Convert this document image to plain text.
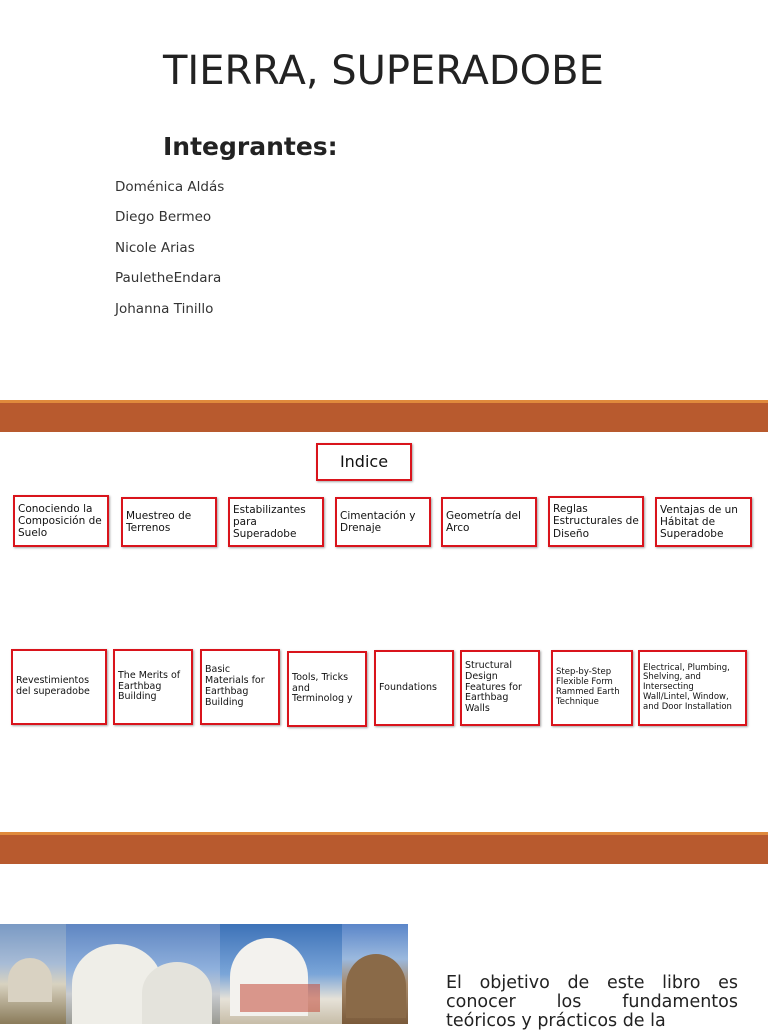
TIERRA, SUPERADOBE
Integrantes:
Doménica Aldás
Diego Bermeo
Nicole Arias
PauletheEndara
Johanna Tinillo
Indice
Conociendo la Composición de Suelo
Muestreo de Terrenos
Estabilizantes para Superadobe
Cimentación y Drenaje
Geometría del Arco
Reglas Estructurales de Diseño
Ventajas de un Hábitat de Superadobe
Revestimientos del superadobe
The Merits of Earthbag Building
Basic Materials for Earthbag Building
Tools, Tricks and Terminolog y
Foundations
Structural Design Features for Earthbag Walls
Step-by-Step Flexible Form Rammed Earth Technique
Electrical, Plumbing, Shelving, and Intersecting Wall/Lintel, Window, and Door Installation

El objetivo de este libro es conocer los fundamentos teóricos y prácticos de la
